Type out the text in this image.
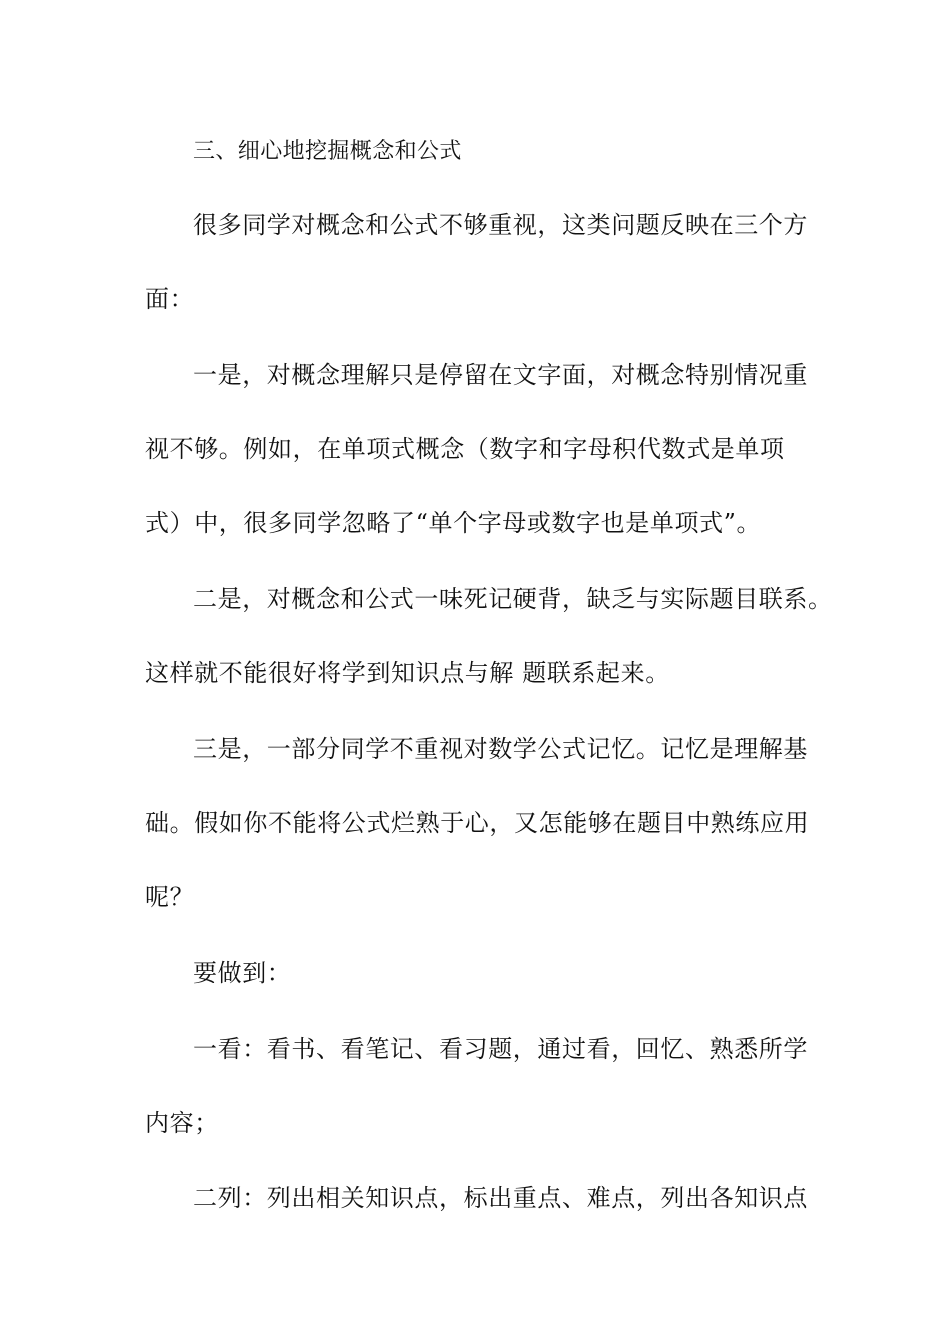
三、细心地挖掘概念和公式
很多同学对概念和公式不够重视，这类问题反映在三个方
面：
一是，对概念理解只是停留在文字面，对概念特别情况重
视不够。例如，在单项式概念（数字和字母积代数式是单项
式）中，很多同学忽略了“单个字母或数字也是单项式”。
二是，对概念和公式一味死记硬背，缺乏与实际题目联系。
这样就不能很好将学到知识点与解 题联系起来。
三是，一部分同学不重视对数学公式记忆。记忆是理解基
础。假如你不能将公式烂熟于心，又怎能够在题目中熟练应用
呢？
要做到：
一看：看书、看笔记、看习题，通过看，回忆、熟悉所学
内容；
二列：列出相关知识点，标出重点、难点，列出各知识点
